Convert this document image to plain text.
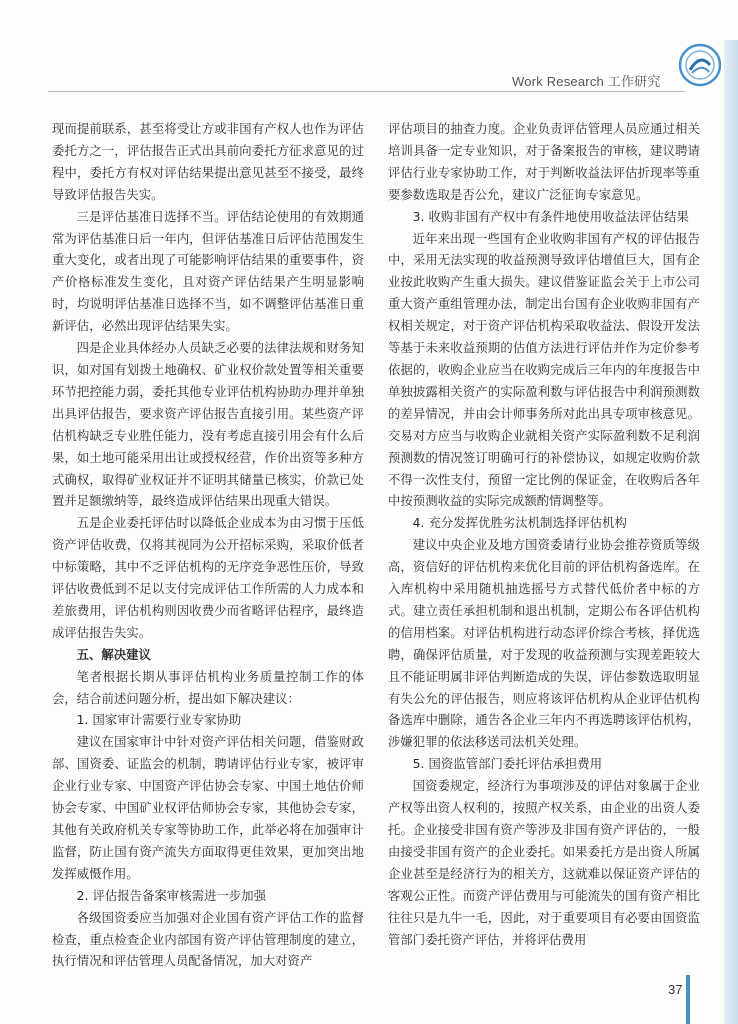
Work Research 工作研究

现而提前联系，甚至将受让方或非国有产权人也作为评估委托方之一，评估报告正式出具前向委托方征求意见的过程中，委托方有权对评估结果提出意见甚至不接受，最终导致评估报告失实。

三是评估基准日选择不当。评估结论使用的有效期通常为评估基准日后一年内，但评估基准日后评估范围发生重大变化，或者出现了可能影响评估结果的重要事件，资产价格标准发生变化，且对资产评估结果产生明显影响时，均说明评估基准日选择不当，如不调整评估基准日重新评估，必然出现评估结果失实。

四是企业具体经办人员缺乏必要的法律法规和财务知识，如对国有划拨土地确权、矿业权价款处置等相关重要环节把控能力弱，委托其他专业评估机构协助办理并单独出具评估报告，要求资产评估报告直接引用。某些资产评估机构缺乏专业胜任能力，没有考虑直接引用会有什么后果，如土地可能采用出让或授权经营，作价出资等多种方式确权，取得矿业权证并不证明其储量已核实，价款已处置并足额缴纳等，最终造成评估结果出现重大错误。

五是企业委托评估时以降低企业成本为由习惯于压低资产评估收费，仅将其视同为公开招标采购，采取价低者中标策略，其中不乏评估机构的无序竞争恶性压价，导致评估收费低到不足以支付完成评估工作所需的人力成本和差旅费用，评估机构则因收费少而省略评估程序，最终造成评估报告失实。

五、解决建议

笔者根据长期从事评估机构业务质量控制工作的体会，结合前述问题分析，提出如下解决建议：

1. 国家审计需要行业专家协助

建议在国家审计中针对资产评估相关问题，借鉴财政部、国资委、证监会的机制，聘请评估行业专家，被评审企业行业专家、中国资产评估协会专家、中国土地估价师协会专家、中国矿业权评估师协会专家，其他协会专家，其他有关政府机关专家等协助工作，此举必将在加强审计监督，防止国有资产流失方面取得更佳效果，更加突出地发挥威慑作用。

2. 评估报告备案审核需进一步加强

各级国资委应当加强对企业国有资产评估工作的监督检查，重点检查企业内部国有资产评估管理制度的建立，执行情况和评估管理人员配备情况，加大对资产

评估项目的抽查力度。企业负责评估管理人员应通过相关培训具备一定专业知识，对于备案报告的审核，建议聘请评估行业专家协助工作，对于判断收益法评估折现率等重要参数选取是否公允，建议广泛征询专家意见。

3. 收购非国有产权中有条件地使用收益法评估结果

近年来出现一些国有企业收购非国有产权的评估报告中，采用无法实现的收益预测导致评估增值巨大，国有企业按此收购产生重大损失。建议借鉴证监会关于上市公司重大资产重组管理办法，制定出台国有企业收购非国有产权相关规定，对于资产评估机构采取收益法、假设开发法等基于未来收益预期的估值方法进行评估并作为定价参考依据的，收购企业应当在收购完成后三年内的年度报告中单独披露相关资产的实际盈利数与评估报告中利润预测数的差异情况，并由会计师事务所对此出具专项审核意见。交易对方应当与收购企业就相关资产实际盈利数不足利润预测数的情况签订明确可行的补偿协议，如规定收购价款不得一次性支付，预留一定比例的保证金，在收购后各年中按预测收益的实际完成额酌情调整等。

4. 充分发挥优胜劣汰机制选择评估机构

建议中央企业及地方国资委请行业协会推荐资质等级高，资信好的评估机构来优化目前的评估机构备选库。在入库机构中采用随机抽选摇号方式替代低价者中标的方式。建立责任承担机制和退出机制，定期公布各评估机构的信用档案。对评估机构进行动态评价综合考核，择优选聘，确保评估质量，对于发现的收益预测与实现差距较大且不能证明属非评估判断造成的失误，评估参数选取明显有失公允的评估报告，则应将该评估机构从企业评估机构备选库中删除，通告各企业三年内不再选聘该评估机构，涉嫌犯罪的依法移送司法机关处理。

5. 国资监管部门委托评估承担费用

国资委规定，经济行为事项涉及的评估对象属于企业产权等出资人权利的，按照产权关系，由企业的出资人委托。企业接受非国有资产等涉及非国有资产评估的，一般由接受非国有资产的企业委托。如果委托方是出资人所属企业甚至是经济行为的相关方，这就难以保证资产评估的客观公正性。而资产评估费用与可能流失的国有资产相比往往只是九牛一毛，因此，对于重要项目有必要由国资监管部门委托资产评估，并将评估费用

37
